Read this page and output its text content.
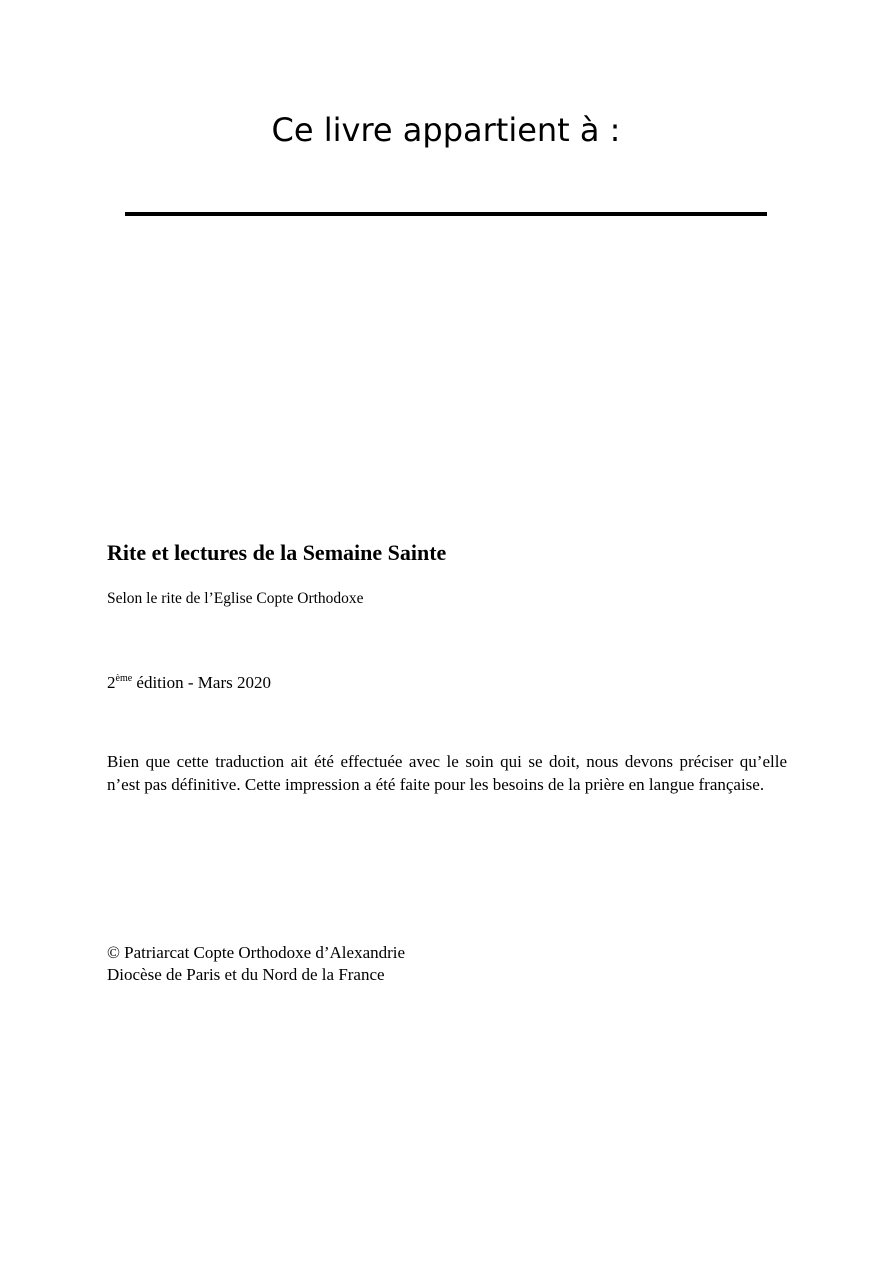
Ce livre appartient à :
Rite et lectures de la Semaine Sainte

Selon le rite de l’Eglise Copte Orthodoxe

2ème édition - Mars 2020

Bien que cette traduction ait été effectuée avec le soin qui se doit, nous devons préciser qu’elle n’est pas définitive. Cette impression a été faite pour les besoins de la prière en langue française.

© Patriarcat Copte Orthodoxe d’Alexandrie
Diocèse de Paris et du Nord de la France
